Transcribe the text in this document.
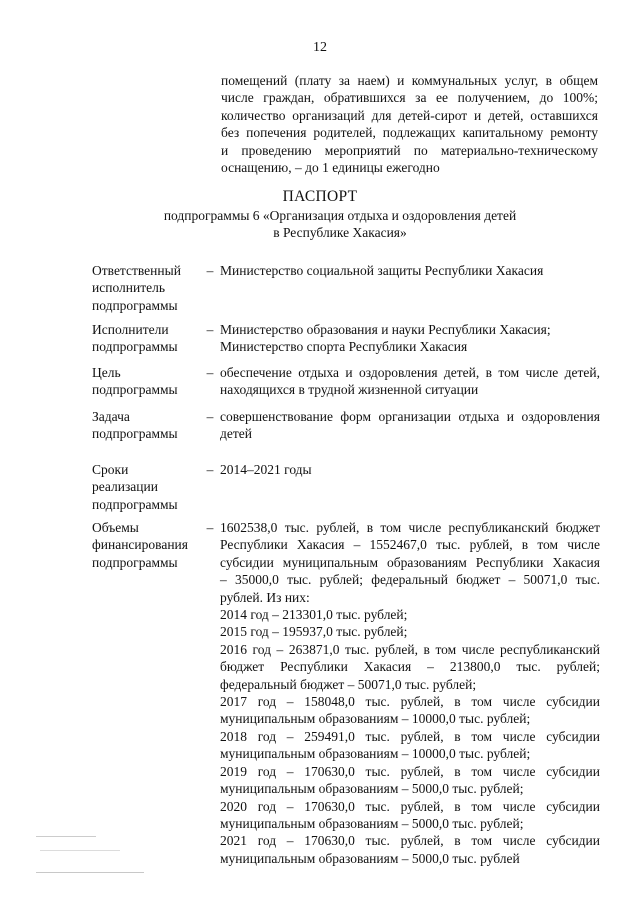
12

помещений (плату за наем) и коммунальных услуг, в общем

числе граждан, обратившихся за ее получением, до 100%;

количество организаций для детей-сирот и детей, оставшихся

без попечения родителей, подлежащих капитальному ремонту

и проведению мероприятий по материально-техническому

оснащению, – до 1 единицы ежегодно

ПАСПОРТ
подпрограммы 6 «Организация отдыха и оздоровления детей
в Республике Хакасия»
Ответственный
исполнитель
подпрограммы
– Министерство социальной защиты Республики Хакасия
Исполнители
подпрограммы
– Министерство образования и науки Республики Хакасия;
Министерство спорта Республики Хакасия
Цель
подпрограммы
– обеспечение отдыха и оздоровления детей, в том числе детей,
находящихся в трудной жизненной ситуации
Задача
подпрограммы
– совершенствование форм организации отдыха и оздоровления
детей
Сроки
реализации
подпрограммы
– 2014–2021 годы
Объемы
финансирования
подпрограммы
– 1602538,0 тыс. рублей, в том числе республиканский бюджет
Республики Хакасия – 1552467,0 тыс. рублей, в том числе
субсидии муниципальным образованиям Республики Хакасия
– 35000,0 тыс. рублей; федеральный бюджет – 50071,0 тыс.
рублей. Из них:
2014 год – 213301,0 тыс. рублей;
2015 год – 195937,0 тыс. рублей;
2016 год – 263871,0 тыс. рублей, в том числе республиканский
бюджет Республики Хакасия – 213800,0 тыс. рублей;
федеральный бюджет – 50071,0 тыс. рублей;
2017 год – 158048,0 тыс. рублей, в том числе субсидии
муниципальным образованиям – 10000,0 тыс. рублей;
2018 год – 259491,0 тыс. рублей, в том числе субсидии
муниципальным образованиям – 10000,0 тыс. рублей;
2019 год – 170630,0 тыс. рублей, в том числе субсидии
муниципальным образованиям – 5000,0 тыс. рублей;
2020 год – 170630,0 тыс. рублей, в том числе субсидии
муниципальным образованиям – 5000,0 тыс. рублей;
2021 год – 170630,0 тыс. рублей, в том числе субсидии
муниципальным образованиям – 5000,0 тыс. рублей
